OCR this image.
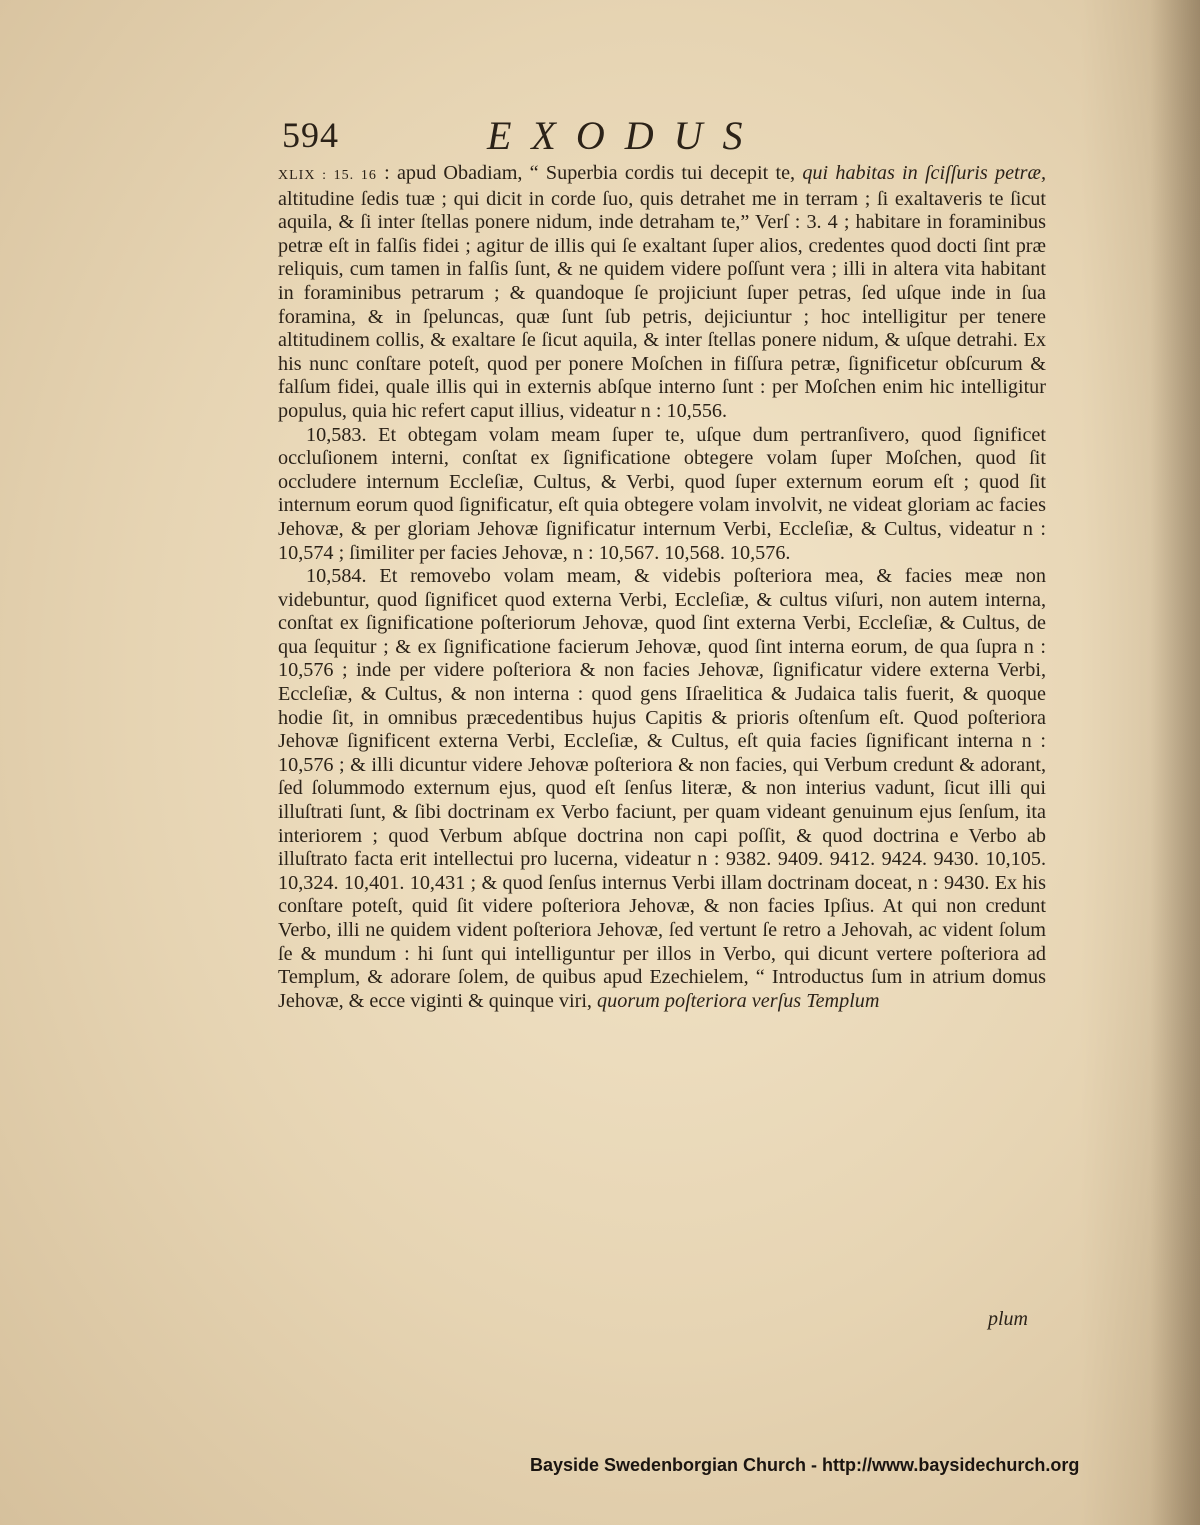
594	EXODUS

XLIX : 15. 16 : apud Obadiam, “ Superbia cordis tui decepit te, qui habitas in ſciſſuris petræ, altitudine ſedis tuæ ; qui dicit in corde ſuo, quis detrahet me in terram ; ſi exaltaveris te ſicut aquila, & ſi inter ſtellas ponere nidum, inde detraham te,” Verſ : 3. 4 ; habitare in foraminibus petræ eſt in falſis fidei ; agitur de illis qui ſe exaltant ſuper alios, credentes quod docti ſint præ reliquis, cum tamen in falſis ſunt, & ne quidem videre poſſunt vera ; illi in altera vita habitant in foraminibus petrarum ; & quandoque ſe projiciunt ſuper petras, ſed uſque inde in ſua foramina, & in ſpeluncas, quæ ſunt ſub petris, dejiciuntur ; hoc intelligitur per tenere altitudinem collis, & exaltare ſe ſicut aquila, & inter ſtellas ponere nidum, & uſque detrahi. Ex his nunc conſtare poteſt, quod per ponere Moſchen in fiſſura petræ, ſignificetur obſcurum & falſum fidei, quale illis qui in externis abſque interno ſunt : per Moſchen enim hic intelligitur populus, quia hic refert caput illius, videatur n : 10,556.

10,583. Et obtegam volam meam ſuper te, uſque dum pertranſivero, quod ſignificet occluſionem interni, conſtat ex ſignificatione obtegere volam ſuper Moſchen, quod ſit occludere internum Eccleſiæ, Cultus, & Verbi, quod ſuper externum eorum eſt ; quod ſit internum eorum quod ſignificatur, eſt quia obtegere volam involvit, ne videat gloriam ac facies Jehovæ, & per gloriam Jehovæ ſignificatur internum Verbi, Eccleſiæ, & Cultus, videatur n : 10,574 ; ſimiliter per facies Jehovæ, n : 10,567. 10,568. 10,576.

10,584. Et removebo volam meam, & videbis poſteriora mea, & facies meæ non videbuntur, quod ſignificet quod externa Verbi, Eccleſiæ, & cultus viſuri, non autem interna, conſtat ex ſignificatione poſteriorum Jehovæ, quod ſint externa Verbi, Eccleſiæ, & Cultus, de qua ſequitur ; & ex ſignificatione facierum Jehovæ, quod ſint interna eorum, de qua ſupra n : 10,576 ; inde per videre poſteriora & non facies Jehovæ, ſignificatur videre externa Verbi, Eccleſiæ, & Cultus, & non interna : quod gens Iſraelitica & Judaica talis fuerit, & quoque hodie ſit, in omnibus præcedentibus hujus Capitis & prioris oſtenſum eſt. Quod poſteriora Jehovæ ſignificent externa Verbi, Eccleſiæ, & Cultus, eſt quia facies ſignificant interna n : 10,576 ; & illi dicuntur videre Jehovæ poſteriora & non facies, qui Verbum credunt & adorant, ſed ſolummodo externum ejus, quod eſt ſenſus literæ, & non interius vadunt, ſicut illi qui illuſtrati ſunt, & ſibi doctrinam ex Verbo faciunt, per quam videant genuinum ejus ſenſum, ita interiorem ; quod Verbum abſque doctrina non capi poſſit, & quod doctrina e Verbo ab illuſtrato facta erit intellectui pro lucerna, videatur n : 9382. 9409. 9412. 9424. 9430. 10,105. 10,324. 10,401. 10,431 ; & quod ſenſus internus Verbi illam doctrinam doceat, n : 9430. Ex his conſtare poteſt, quid ſit videre poſteriora Jehovæ, & non facies Ipſius. At qui non credunt Verbo, illi ne quidem vident poſteriora Jehovæ, ſed vertunt ſe retro a Jehovah, ac vident ſolum ſe & mundum : hi ſunt qui intelliguntur per illos in Verbo, qui dicunt vertere poſteriora ad Templum, & adorare ſolem, de quibus apud Ezechielem, “ Introductus ſum in atrium domus Jehovæ, & ecce viginti & quinque viri, quorum poſteriora verſus Templum

plum
Bayside Swedenborgian Church - http://www.baysidechurch.org
